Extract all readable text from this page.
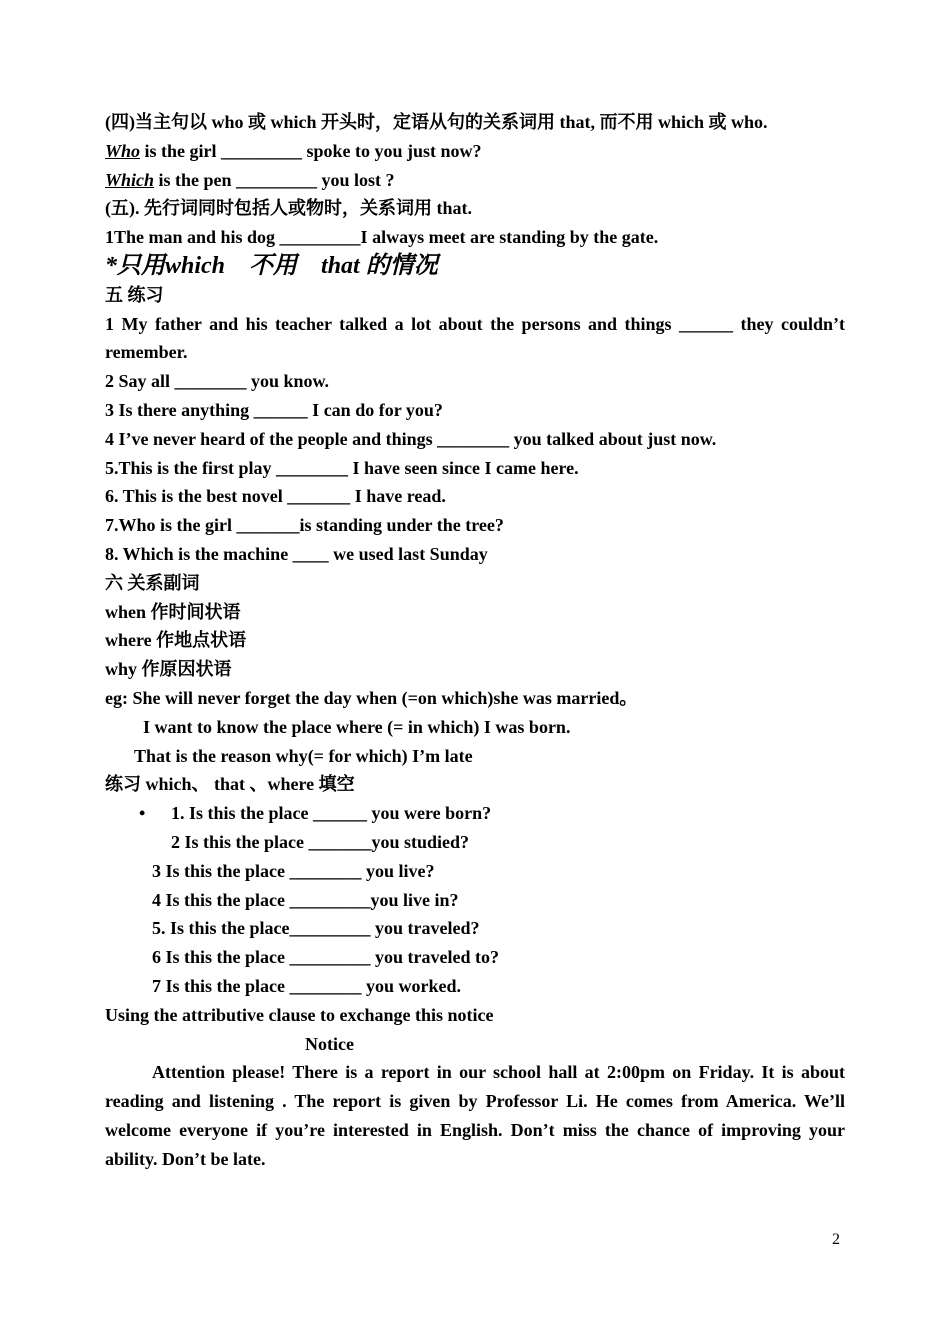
(四)当主句以 who 或 which 开头时，定语从句的关系词用 that, 而不用 which 或 who.
Who is the girl _________ spoke to you just now?
Which is the pen _________ you lost ?
(五). 先行词同时包括人或物时，关系词用 that.
1The man and his dog _________I always meet are standing by the gate.
*只用which　不用　that 的情况
五 练习
1 My father and his teacher talked a lot about the persons and things ______ they couldn’t remember.
2 Say all ________ you know.
3 Is there anything ______ I can do for you?
4 I’ve never heard of the people and things ________ you talked about just now.
5.This is the first play ________ I have seen since I came here.
6. This is the best novel _______ I have read.
7.Who is the girl _______is standing under the tree?
8. Which is the machine ____ we used last Sunday
六 关系副词
when 作时间状语
where 作地点状语
why 作原因状语
eg: She will never forget the day when (=on which)she was married。
I want to know the place where (= in which) I was born.
That is the reason why(= for which) I’m late
练习 which、 that 、where 填空
• 1. Is this the place ______ you were born?
2 Is this the place _______you studied?
3 Is this the place ________ you live?
4 Is this the place _________you live in?
5. Is this the place_________ you traveled?
6 Is this the place _________ you traveled to?
7 Is this the place ________ you worked.
Using the attributive clause to exchange this notice
Notice
Attention please! There is a report in our school hall at 2:00pm on Friday. It is about reading and listening . The report is given by Professor Li. He comes from America. We’ll welcome everyone if you’re interested in English. Don’t miss the chance of improving your ability. Don’t be late.
2
